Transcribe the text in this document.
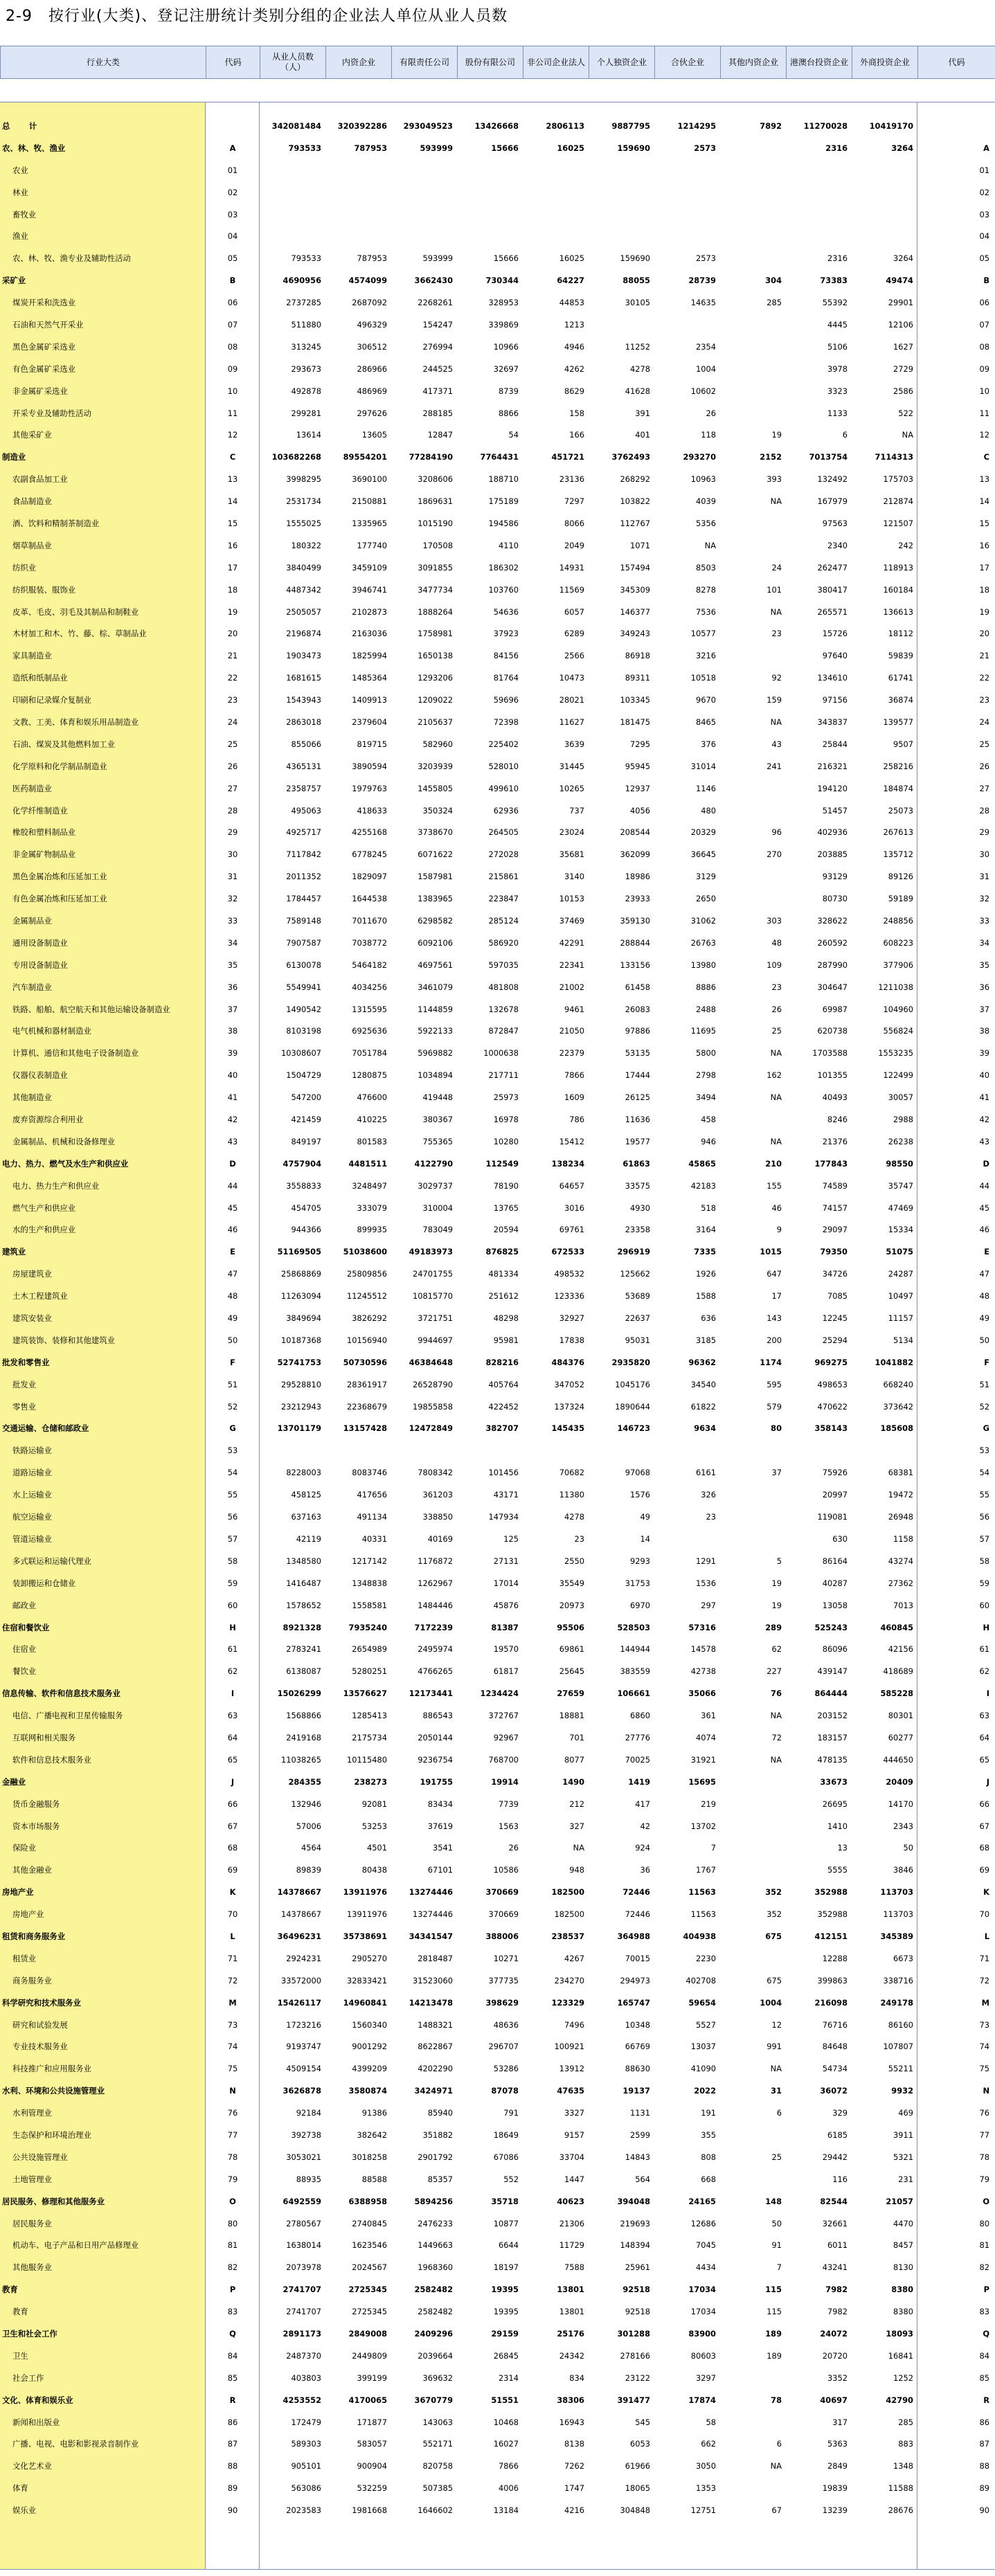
2-9　按行业(大类)、登记注册统计类别分组的企业法人单位从业人员数
行业大类	代码	从业人员数（人）	内资企业	有限责任公司	股份有限公司	非公司企业法人	个人独资企业	合伙企业	其他内资企业	港澳台投资企业	外商投资企业	代码

总　计		342081484	320392286	293049523	13426668	2806113	9887795	1214295	7892	11270028	10419170	
农、林、牧、渔业	A	793533	787953	593999	15666	16025	159690	2573		2316	3264	A
农业	01											01
林业	02											02
畜牧业	03											03
渔业	04											04
农、林、牧、渔专业及辅助性活动	05	793533	787953	593999	15666	16025	159690	2573		2316	3264	05
采矿业	B	4690956	4574099	3662430	730344	64227	88055	28739	304	73383	49474	B
煤炭开采和洗选业	06	2737285	2687092	2268261	328953	44853	30105	14635	285	55392	29901	06
石油和天然气开采业	07	511880	496329	154247	339869	1213				4445	12106	07
黑色金属矿采选业	08	313245	306512	276994	10966	4946	11252	2354		5106	1627	08
有色金属矿采选业	09	293673	286966	244525	32697	4262	4278	1004		3978	2729	09
非金属矿采选业	10	492878	486969	417371	8739	8629	41628	10602		3323	2586	10
开采专业及辅助性活动	11	299281	297626	288185	8866	158	391	26		1133	522	11
其他采矿业	12	13614	13605	12847	54	166	401	118	19	6	NA	12
制造业	C	103682268	89554201	77284190	7764431	451721	3762493	293270	2152	7013754	7114313	C
农副食品加工业	13	3998295	3690100	3208606	188710	23136	268292	10963	393	132492	175703	13
食品制造业	14	2531734	2150881	1869631	175189	7297	103822	4039	NA	167979	212874	14
酒、饮料和精制茶制造业	15	1555025	1335965	1015190	194586	8066	112767	5356		97563	121507	15
烟草制品业	16	180322	177740	170508	4110	2049	1071	NA		2340	242	16
纺织业	17	3840499	3459109	3091855	186302	14931	157494	8503	24	262477	118913	17
纺织服装、服饰业	18	4487342	3946741	3477734	103760	11569	345309	8278	101	380417	160184	18
皮革、毛皮、羽毛及其制品和制鞋业	19	2505057	2102873	1888264	54636	6057	146377	7536	NA	265571	136613	19
木材加工和木、竹、藤、棕、草制品业	20	2196874	2163036	1758981	37923	6289	349243	10577	23	15726	18112	20
家具制造业	21	1903473	1825994	1650138	84156	2566	86918	3216		97640	59839	21
造纸和纸制品业	22	1681615	1485364	1293206	81764	10473	89311	10518	92	134610	61741	22
印刷和记录媒介复制业	23	1543943	1409913	1209022	59696	28021	103345	9670	159	97156	36874	23
文教、工美、体育和娱乐用品制造业	24	2863018	2379604	2105637	72398	11627	181475	8465	NA	343837	139577	24
石油、煤炭及其他燃料加工业	25	855066	819715	582960	225402	3639	7295	376	43	25844	9507	25
化学原料和化学制品制造业	26	4365131	3890594	3203939	528010	31445	95945	31014	241	216321	258216	26
医药制造业	27	2358757	1979763	1455805	499610	10265	12937	1146		194120	184874	27
化学纤维制造业	28	495063	418633	350324	62936	737	4056	480		51457	25073	28
橡胶和塑料制品业	29	4925717	4255168	3738670	264505	23024	208544	20329	96	402936	267613	29
非金属矿物制品业	30	7117842	6778245	6071622	272028	35681	362099	36645	270	203885	135712	30
黑色金属冶炼和压延加工业	31	2011352	1829097	1587981	215861	3140	18986	3129		93129	89126	31
有色金属冶炼和压延加工业	32	1784457	1644538	1383965	223847	10153	23933	2650		80730	59189	32
金属制品业	33	7589148	7011670	6298582	285124	37469	359130	31062	303	328622	248856	33
通用设备制造业	34	7907587	7038772	6092106	586920	42291	288844	26763	48	260592	608223	34
专用设备制造业	35	6130078	5464182	4697561	597035	22341	133156	13980	109	287990	377906	35
汽车制造业	36	5549941	4034256	3461079	481808	21002	61458	8886	23	304647	1211038	36
铁路、船舶、航空航天和其他运输设备制造业	37	1490542	1315595	1144859	132678	9461	26083	2488	26	69987	104960	37
电气机械和器材制造业	38	8103198	6925636	5922133	872847	21050	97886	11695	25	620738	556824	38
计算机、通信和其他电子设备制造业	39	10308607	7051784	5969882	1000638	22379	53135	5800	NA	1703588	1553235	39
仪器仪表制造业	40	1504729	1280875	1034894	217711	7866	17444	2798	162	101355	122499	40
其他制造业	41	547200	476600	419448	25973	1609	26125	3494	NA	40493	30057	41
废弃资源综合利用业	42	421459	410225	380367	16978	786	11636	458		8246	2988	42
金属制品、机械和设备修理业	43	849197	801583	755365	10280	15412	19577	946	NA	21376	26238	43
电力、热力、燃气及水生产和供应业	D	4757904	4481511	4122790	112549	138234	61863	45865	210	177843	98550	D
电力、热力生产和供应业	44	3558833	3248497	3029737	78190	64657	33575	42183	155	74589	35747	44
燃气生产和供应业	45	454705	333079	310004	13765	3016	4930	518	46	74157	47469	45
水的生产和供应业	46	944366	899935	783049	20594	69761	23358	3164	9	29097	15334	46
建筑业	E	51169505	51038600	49183973	876825	672533	296919	7335	1015	79350	51075	E
房屋建筑业	47	25868869	25809856	24701755	481334	498532	125662	1926	647	34726	24287	47
土木工程建筑业	48	11263094	11245512	10815770	251612	123336	53689	1588	17	7085	10497	48
建筑安装业	49	3849694	3826292	3721751	48298	32927	22637	636	143	12245	11157	49
建筑装饰、装修和其他建筑业	50	10187368	10156940	9944697	95981	17838	95031	3185	200	25294	5134	50
批发和零售业	F	52741753	50730596	46384648	828216	484376	2935820	96362	1174	969275	1041882	F
批发业	51	29528810	28361917	26528790	405764	347052	1045176	34540	595	498653	668240	51
零售业	52	23212943	22368679	19855858	422452	137324	1890644	61822	579	470622	373642	52
交通运输、仓储和邮政业	G	13701179	13157428	12472849	382707	145435	146723	9634	80	358143	185608	G
铁路运输业	53											53
道路运输业	54	8228003	8083746	7808342	101456	70682	97068	6161	37	75926	68381	54
水上运输业	55	458125	417656	361203	43171	11380	1576	326		20997	19472	55
航空运输业	56	637163	491134	338850	147934	4278	49	23		119081	26948	56
管道运输业	57	42119	40331	40169	125	23	14			630	1158	57
多式联运和运输代理业	58	1348580	1217142	1176872	27131	2550	9293	1291	5	86164	43274	58
装卸搬运和仓储业	59	1416487	1348838	1262967	17014	35549	31753	1536	19	40287	27362	59
邮政业	60	1578652	1558581	1484446	45876	20973	6970	297	19	13058	7013	60
住宿和餐饮业	H	8921328	7935240	7172239	81387	95506	528503	57316	289	525243	460845	H
住宿业	61	2783241	2654989	2495974	19570	69861	144944	14578	62	86096	42156	61
餐饮业	62	6138087	5280251	4766265	61817	25645	383559	42738	227	439147	418689	62
信息传输、软件和信息技术服务业	I	15026299	13576627	12173441	1234424	27659	106661	35066	76	864444	585228	I
电信、广播电视和卫星传输服务	63	1568866	1285413	886543	372767	18881	6860	361	NA	203152	80301	63
互联网和相关服务	64	2419168	2175734	2050144	92967	701	27776	4074	72	183157	60277	64
软件和信息技术服务业	65	11038265	10115480	9236754	768700	8077	70025	31921	NA	478135	444650	65
金融业	J	284355	238273	191755	19914	1490	1419	15695		33673	20409	J
货币金融服务	66	132946	92081	83434	7739	212	417	219		26695	14170	66
资本市场服务	67	57006	53253	37619	1563	327	42	13702		1410	2343	67
保险业	68	4564	4501	3541	26	NA	924	7		13	50	68
其他金融业	69	89839	80438	67101	10586	948	36	1767		5555	3846	69
房地产业	K	14378667	13911976	13274446	370669	182500	72446	11563	352	352988	113703	K
房地产业	70	14378667	13911976	13274446	370669	182500	72446	11563	352	352988	113703	70
租赁和商务服务业	L	36496231	35738691	34341547	388006	238537	364988	404938	675	412151	345389	L
租赁业	71	2924231	2905270	2818487	10271	4267	70015	2230		12288	6673	71
商务服务业	72	33572000	32833421	31523060	377735	234270	294973	402708	675	399863	338716	72
科学研究和技术服务业	M	15426117	14960841	14213478	398629	123329	165747	59654	1004	216098	249178	M
研究和试验发展	73	1723216	1560340	1488321	48636	7496	10348	5527	12	76716	86160	73
专业技术服务业	74	9193747	9001292	8622867	296707	100921	66769	13037	991	84648	107807	74
科技推广和应用服务业	75	4509154	4399209	4202290	53286	13912	88630	41090	NA	54734	55211	75
水利、环境和公共设施管理业	N	3626878	3580874	3424971	87078	47635	19137	2022	31	36072	9932	N
水利管理业	76	92184	91386	85940	791	3327	1131	191	6	329	469	76
生态保护和环境治理业	77	392738	382642	351882	18649	9157	2599	355		6185	3911	77
公共设施管理业	78	3053021	3018258	2901792	67086	33704	14843	808	25	29442	5321	78
土地管理业	79	88935	88588	85357	552	1447	564	668		116	231	79
居民服务、修理和其他服务业	O	6492559	6388958	5894256	35718	40623	394048	24165	148	82544	21057	O
居民服务业	80	2780567	2740845	2476233	10877	21306	219693	12686	50	32661	4470	80
机动车、电子产品和日用产品修理业	81	1638014	1623546	1449663	6644	11729	148394	7045	91	6011	8457	81
其他服务业	82	2073978	2024567	1968360	18197	7588	25961	4434	7	43241	8130	82
教育	P	2741707	2725345	2582482	19395	13801	92518	17034	115	7982	8380	P
教育	83	2741707	2725345	2582482	19395	13801	92518	17034	115	7982	8380	83
卫生和社会工作	Q	2891173	2849008	2409296	29159	25176	301288	83900	189	24072	18093	Q
卫生	84	2487370	2449809	2039664	26845	24342	278166	80603	189	20720	16841	84
社会工作	85	403803	399199	369632	2314	834	23122	3297		3352	1252	85
文化、体育和娱乐业	R	4253552	4170065	3670779	51551	38306	391477	17874	78	40697	42790	R
新闻和出版业	86	172479	171877	143063	10468	16943	545	58		317	285	86
广播、电视、电影和影视录音制作业	87	589303	583057	552171	16027	8138	6053	662	6	5363	883	87
文化艺术业	88	905101	900904	820758	7866	7262	61966	3050	NA	2849	1348	88
体育	89	563086	532259	507385	4006	1747	18065	1353		19839	11588	89
娱乐业	90	2023583	1981668	1646602	13184	4216	304848	12751	67	13239	28676	90
